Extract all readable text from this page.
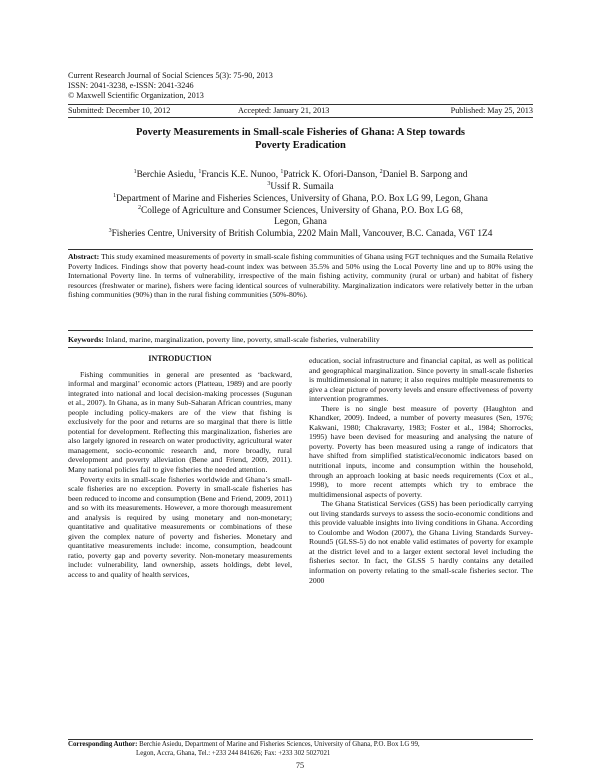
Current Research Journal of Social Sciences 5(3): 75-90, 2013
ISSN: 2041-3238, e-ISSN: 2041-3246
© Maxwell Scientific Organization, 2013
Submitted: December 10, 2012	Accepted: January 21, 2013	Published: May 25, 2013
Poverty Measurements in Small-scale Fisheries of Ghana: A Step towards
Poverty Eradication
$^1$Berchie Asiedu, $^1$Francis K.E. Nunoo, $^1$Patrick K. Ofori-Danson, $^2$Daniel B. Sarpong and
$^3$Ussif R. Sumaila
$^1$Department of Marine and Fisheries Sciences, University of Ghana, P.O. Box LG 99, Legon, Ghana
$^2$College of Agriculture and Consumer Sciences, University of Ghana, P.O. Box LG 68,
Legon, Ghana
$^3$Fisheries Centre, University of British Columbia, 2202 Main Mall, Vancouver, B.C. Canada, V6T 1Z4
Abstract: This study examined measurements of poverty in small-scale fishing communities of Ghana using FGT techniques and the Sumaila Relative Poverty Indices. Findings show that poverty head-count index was between 35.5% and 50% using the Local Poverty line and up to 80% using the International Poverty line. In terms of vulnerability, irrespective of the main fishing activity, community (rural or urban) and habitat of fishery resources (freshwater or marine), fishers were facing identical sources of vulnerability. Marginalization indicators were relatively better in the urban fishing communities (90%) than in the rural fishing communities (50%-80%).
Keywords: Inland, marine, marginalization, poverty line, poverty, small-scale fisheries, vulnerability
INTRODUCTION

Fishing communities in general are presented as ‘backward, informal and marginal’ economic actors (Platteau, 1989) and are poorly integrated into national and local decision-making processes (Sugunan et al., 2007). In Ghana, as in many Sub-Saharan African countries, many people including policy-makers are of the view that fishing is exclusively for the poor and returns are so marginal that there is little potential for development. Reflecting this marginalization, fisheries are also largely ignored in research on water productivity, agricultural water management, socio-economic research and, more broadly, rural development and poverty alleviation (Bene and Friend, 2009, 2011). Many national policies fail to give fisheries the needed attention.

Poverty exits in small-scale fisheries worldwide and Ghana’s small-scale fisheries are no exception. Poverty in small-scale fisheries has been reduced to income and consumption (Bene and Friend, 2009, 2011) and so with its measurements. However, a more thorough measurement and analysis is required by using monetary and non-monetary; quantitative and qualitative measurements or combinations of these given the complex nature of poverty and fisheries. Monetary and quantitative measurements include: income, consumption, headcount ratio, poverty gap and poverty severity. Non-monetary measurements include: vulnerability, land ownership, assets holdings, debt level, access to and quality of health services,

education, social infrastructure and financial capital, as well as political and geographical marginalization. Since poverty in small-scale fisheries is multidimensional in nature; it also requires multiple measurements to give a clear picture of poverty levels and ensure effectiveness of poverty intervention programmes.

There is no single best measure of poverty (Haughton and Khandker, 2009). Indeed, a number of poverty measures (Sen, 1976; Kakwani, 1980; Chakravarty, 1983; Foster et al., 1984; Shorrocks, 1995) have been devised for measuring and analysing the nature of poverty. Poverty has been measured using a range of indicators that have shifted from simplified statistical/economic indicators based on nutritional inputs, income and consumption within the household, through an approach looking at basic needs requirements (Cox et al., 1998), to more recent attempts which try to embrace the multidimensional aspects of poverty.

The Ghana Statistical Services (GSS) has been periodically carrying out living standards surveys to assess the socio-economic conditions and this provide valuable insights into living conditions in Ghana. According to Coulombe and Wodon (2007), the Ghana Living Standards Survey-Round5 (GLSS-5) do not enable valid estimates of poverty for example at the district level and to a larger extent sectoral level including the fisheries sector. In fact, the GLSS 5 hardly contains any detailed information on poverty relating to the small-scale fisheries sector. The 2000

Corresponding Author: Berchie Asiedu, Department of Marine and Fisheries Sciences, University of Ghana, P.O. Box LG 99,
Legon, Accra, Ghana, Tel.: +233 244 841626; Fax: +233 302 5027021
75
